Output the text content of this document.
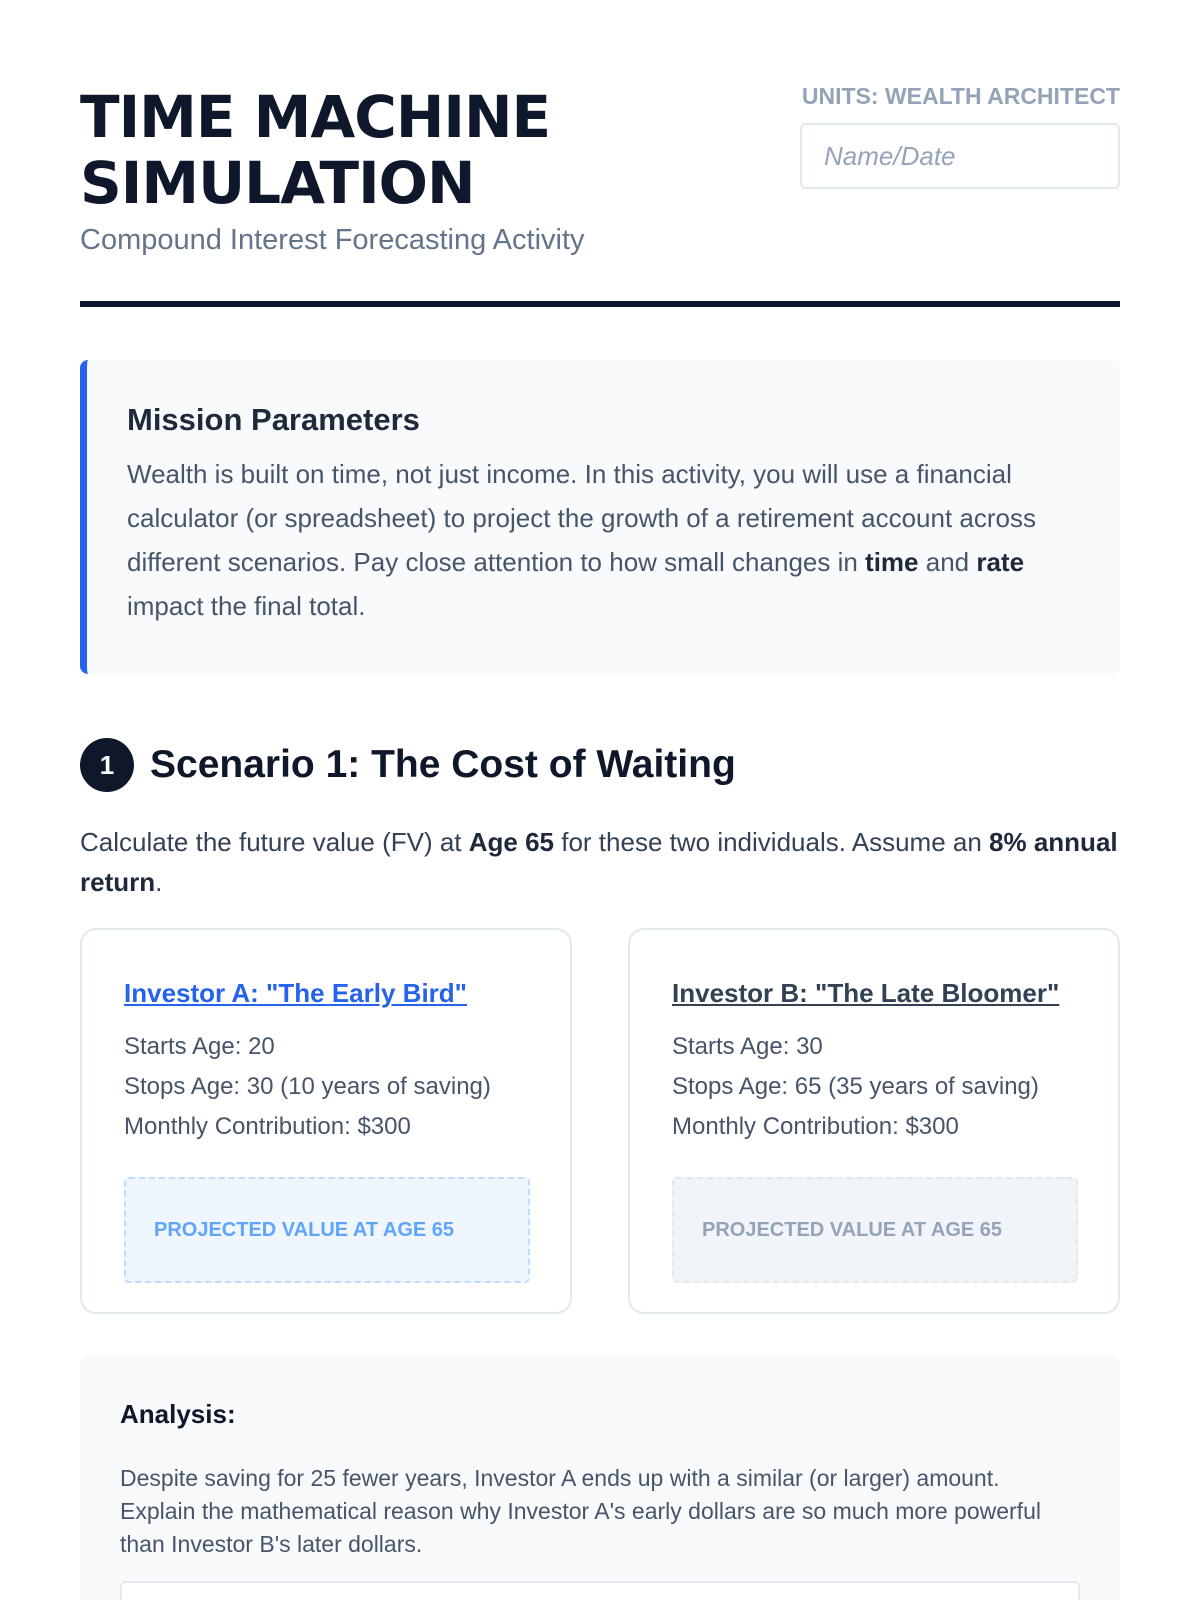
TIME MACHINE SIMULATION
Compound Interest Forecasting Activity
UNITS: WEALTH ARCHITECT
Name/Date
Mission Parameters

Wealth is built on time, not just income. In this activity, you will use a financial calculator (or spreadsheet) to project the growth of a retirement account across different scenarios. Pay close attention to how small changes in time and rate impact the final total.

1 Scenario 1: The Cost of Waiting

Calculate the future value (FV) at Age 65 for these two individuals. Assume an 8% annual return.

Investor A: "The Early Bird"
Starts Age: 20
Stops Age: 30 (10 years of saving)
Monthly Contribution: $300
PROJECTED VALUE AT AGE 65
Investor B: "The Late Bloomer"
Starts Age: 30
Stops Age: 65 (35 years of saving)
Monthly Contribution: $300
PROJECTED VALUE AT AGE 65
Analysis:

Despite saving for 25 fewer years, Investor A ends up with a similar (or larger) amount. Explain the mathematical reason why Investor A's early dollars are so much more powerful than Investor B's later dollars.
